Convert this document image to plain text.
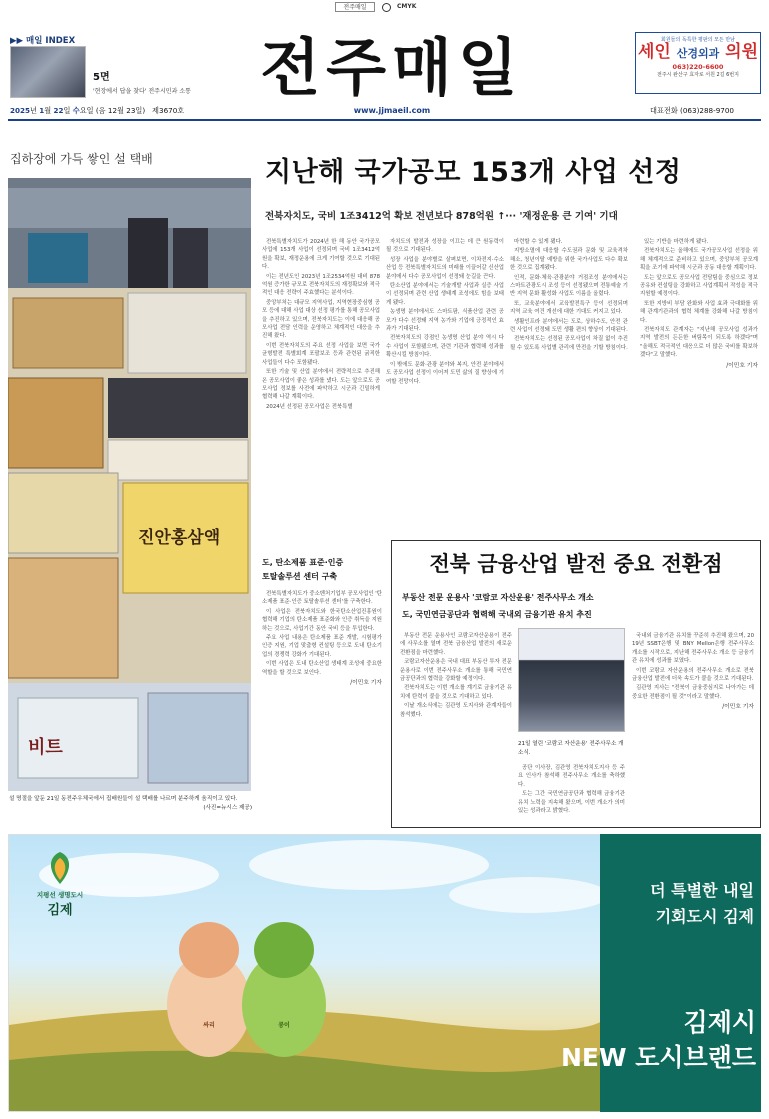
전주매일	CMYK
▶▶ 매일 INDEX
5면
'현장에서 답을 찾다' 전주시민과 소통 전주매일
www.jjmaeil.com
회원들의 독특한 평판의 모든 만남
세인 산경외과 의원
063)220-6600
전주시 완산구 효자로 서원 2길 6번지
2025년 1월 22일 수요일 (음 12월 23일) 제3670호	대표전화 (063)288-9700
집하장에 가득 쌓인 설 택배
진안홍삼액
비트
설 명절을 앞둔 21일 동전주우체국에서 집배원들이 설 택배를 나르며 분주하게 움직이고 있다.
(사진=뉴시스 제공)
지난해 국가공모 153개 사업 선정
전북자치도, 국비 1조3412억 확보 전년보다 878억원 ↑··· '재정운용 큰 기여' 기대

전북특별자치도가 2024년 한 해 동안 국가공모사업에 153개 사업이 선정되며 국비 1조3412억원을 확보, 재정운용에 크게 기여할 것으로 기대된다.

이는 전년도인 2023년 1조2534억원 대비 878억원 증가한 규모로 전북자치도의 재정확보와 적극적인 대응 전략이 주효했다는 분석이다.

중앙부처는 대규모 지역사업, 지역현장중심형 공모 등에 대해 사업 대상 선정 평가를 통해 공모사업을 추진하고 있으며, 전북자치도는 이에 대응해 공모사업 전담 인력을 운영하고 체계적인 대응을 추진해 왔다.

이번 전북자치도의 주요 선정 사업을 보면 국가균형발전 특별회계 포괄보조 등과 관련된 굵직한 사업들이 다수 포함됐다.

또한 기술 및 산업 분야에서 전략적으로 추진해 온 공모사업이 좋은 성과를 냈다. 도는 앞으로도 공모사업 정보를 사전에 파악하고 시군과 긴밀하게 협력해 나갈 계획이다.

2024년 선정된 공모사업은 전북특별

자치도의 발전과 성장을 이끄는 데 큰 원동력이 될 것으로 기대된다.

성장 사업을 분야별로 살펴보면, 이차전지·수소산업 등 전북특별자치도의 미래를 이끌어갈 신산업 분야에서 다수 공모사업이 선정돼 눈길을 끈다.

탄소산업 분야에서는 기술개발 사업과 실증 사업이 선정되며 관련 산업 생태계 조성에도 힘을 보태게 됐다.

농생명 분야에서도 스마트팜, 식품산업 관련 공모가 다수 선정돼 지역 농가와 기업에 긍정적인 효과가 기대된다.

전북자치도의 강점인 농생명 산업 분야 역시 다수 사업이 포함됐으며, 관련 기관과 협력해 성과를 확산시킬 방침이다.

이 밖에도 문화·관광 분야와 복지, 안전 분야에서도 공모사업 선정이 이어져 도민 삶의 질 향상에 기여할 전망이다.

마련할 수 있게 됐다.

지방소멸에 대응할 수도권과 문화 및 교육격차 해소, 청년이탈 예방을 위한 국가사업도 다수 확보한 것으로 집계됐다.

인적, 문화·체육·관광분야 거점조성 분야에서는 스마트관광도시 조성 등이 선정됐으며 전통예술 기반 지역 문화 활성화 사업도 이름을 올렸다.

또, 교육분야에서 교육발전특구 등이 선정되며 지역 교육 여건 개선에 대한 기대도 커지고 있다.

생활인프라 분야에서는 도로, 상하수도, 안전 관련 사업이 선정돼 도민 생활 편의 향상이 기대된다.

전북자치도는 선정된 공모사업이 차질 없이 추진될 수 있도록 사업별 관리에 만전을 기할 방침이다.

있는 기반을 마련하게 됐다.

전북자치도는 올해에도 국가공모사업 선정을 위해 체계적으로 준비하고 있으며, 중앙부처 공모계획을 조기에 파악해 시군과 공동 대응할 계획이다.

도는 앞으로도 공모사업 전담팀을 중심으로 정보 공유와 컨설팅을 강화하고 사업계획서 작성을 적극 지원할 예정이다.

또한 지방비 부담 완화와 사업 효과 극대화를 위해 관계기관과의 협력 체계를 강화해 나갈 방침이다.

전북자치도 관계자는 "지난해 공모사업 성과가 지역 발전의 든든한 버팀목이 되도록 하겠다"며 "올해도 적극적인 대응으로 더 많은 국비를 확보하겠다"고 말했다.

/이민호 기자
도, 탄소제품 표준·인증
토탈솔루션 센터 구축

전북특별자치도가 중소벤처기업부 공모사업인 '탄소제품 표준·인증 토탈솔루션 센터'를 구축한다.

이 사업은 전북자치도와 한국탄소산업진흥원이 협력해 기업의 탄소제품 표준화와 인증 취득을 지원하는 것으로, 사업기간 동안 국비 등을 투입한다.

주요 사업 내용은 탄소제품 표준 개발, 시험평가 인증 지원, 기업 맞춤형 컨설팅 등으로 도내 탄소기업의 경쟁력 강화가 기대된다.

이번 사업은 도내 탄소산업 생태계 조성에 중요한 역할을 할 것으로 보인다.

/이민호 기자
전북 금융산업 발전 중요 전환점
부동산 전문 운용사 '코람코 자산운용' 전주사무소 개소
도, 국민연금공단과 협력해 국내외 금융기관 유치 추진

부동산 전문 운용사인 코람코자산운용이 전주에 사무소를 열며 전북 금융산업 발전의 새로운 전환점을 마련했다.

코람코자산운용은 국내 대표 부동산 투자 전문 운용사로 이번 전주사무소 개소를 통해 국민연금공단과의 협력을 강화할 예정이다.

전북자치도는 이번 개소를 계기로 금융기관 유치에 탄력이 붙을 것으로 기대하고 있다.

이날 개소식에는 김관영 도지사와 관계자들이 참석했다.

21일 열린 '코람코 자산운용' 전주사무소 개소식.

공단 이사장, 김관영 전북자치도지사 등 주요 인사가 참석해 전주사무소 개소를 축하했다.

도는 그간 국민연금공단과 협력해 금융기관 유치 노력을 지속해 왔으며, 이번 개소가 의미 있는 성과라고 밝혔다.

국내외 금융기관 유치를 꾸준히 추진해 왔으며, 2019년 SSBT은행 및 BNY Mellon은행 전주사무소 개소를 시작으로, 지난해 전주사무소 개소 등 금융기관 유치에 성과를 보였다.

이번 코람코 자산운용의 전주사무소 개소로 전북 금융산업 발전에 더욱 속도가 붙을 것으로 기대된다.

김관영 지사는 "전북이 금융중심지로 나아가는 데 중요한 전환점이 될 것"이라고 말했다.

/이민호 기자
싸리	콩이
지평선 생명도시
김제
더 특별한 내일
기회도시 김제
김제시
NEW 도시브랜드
